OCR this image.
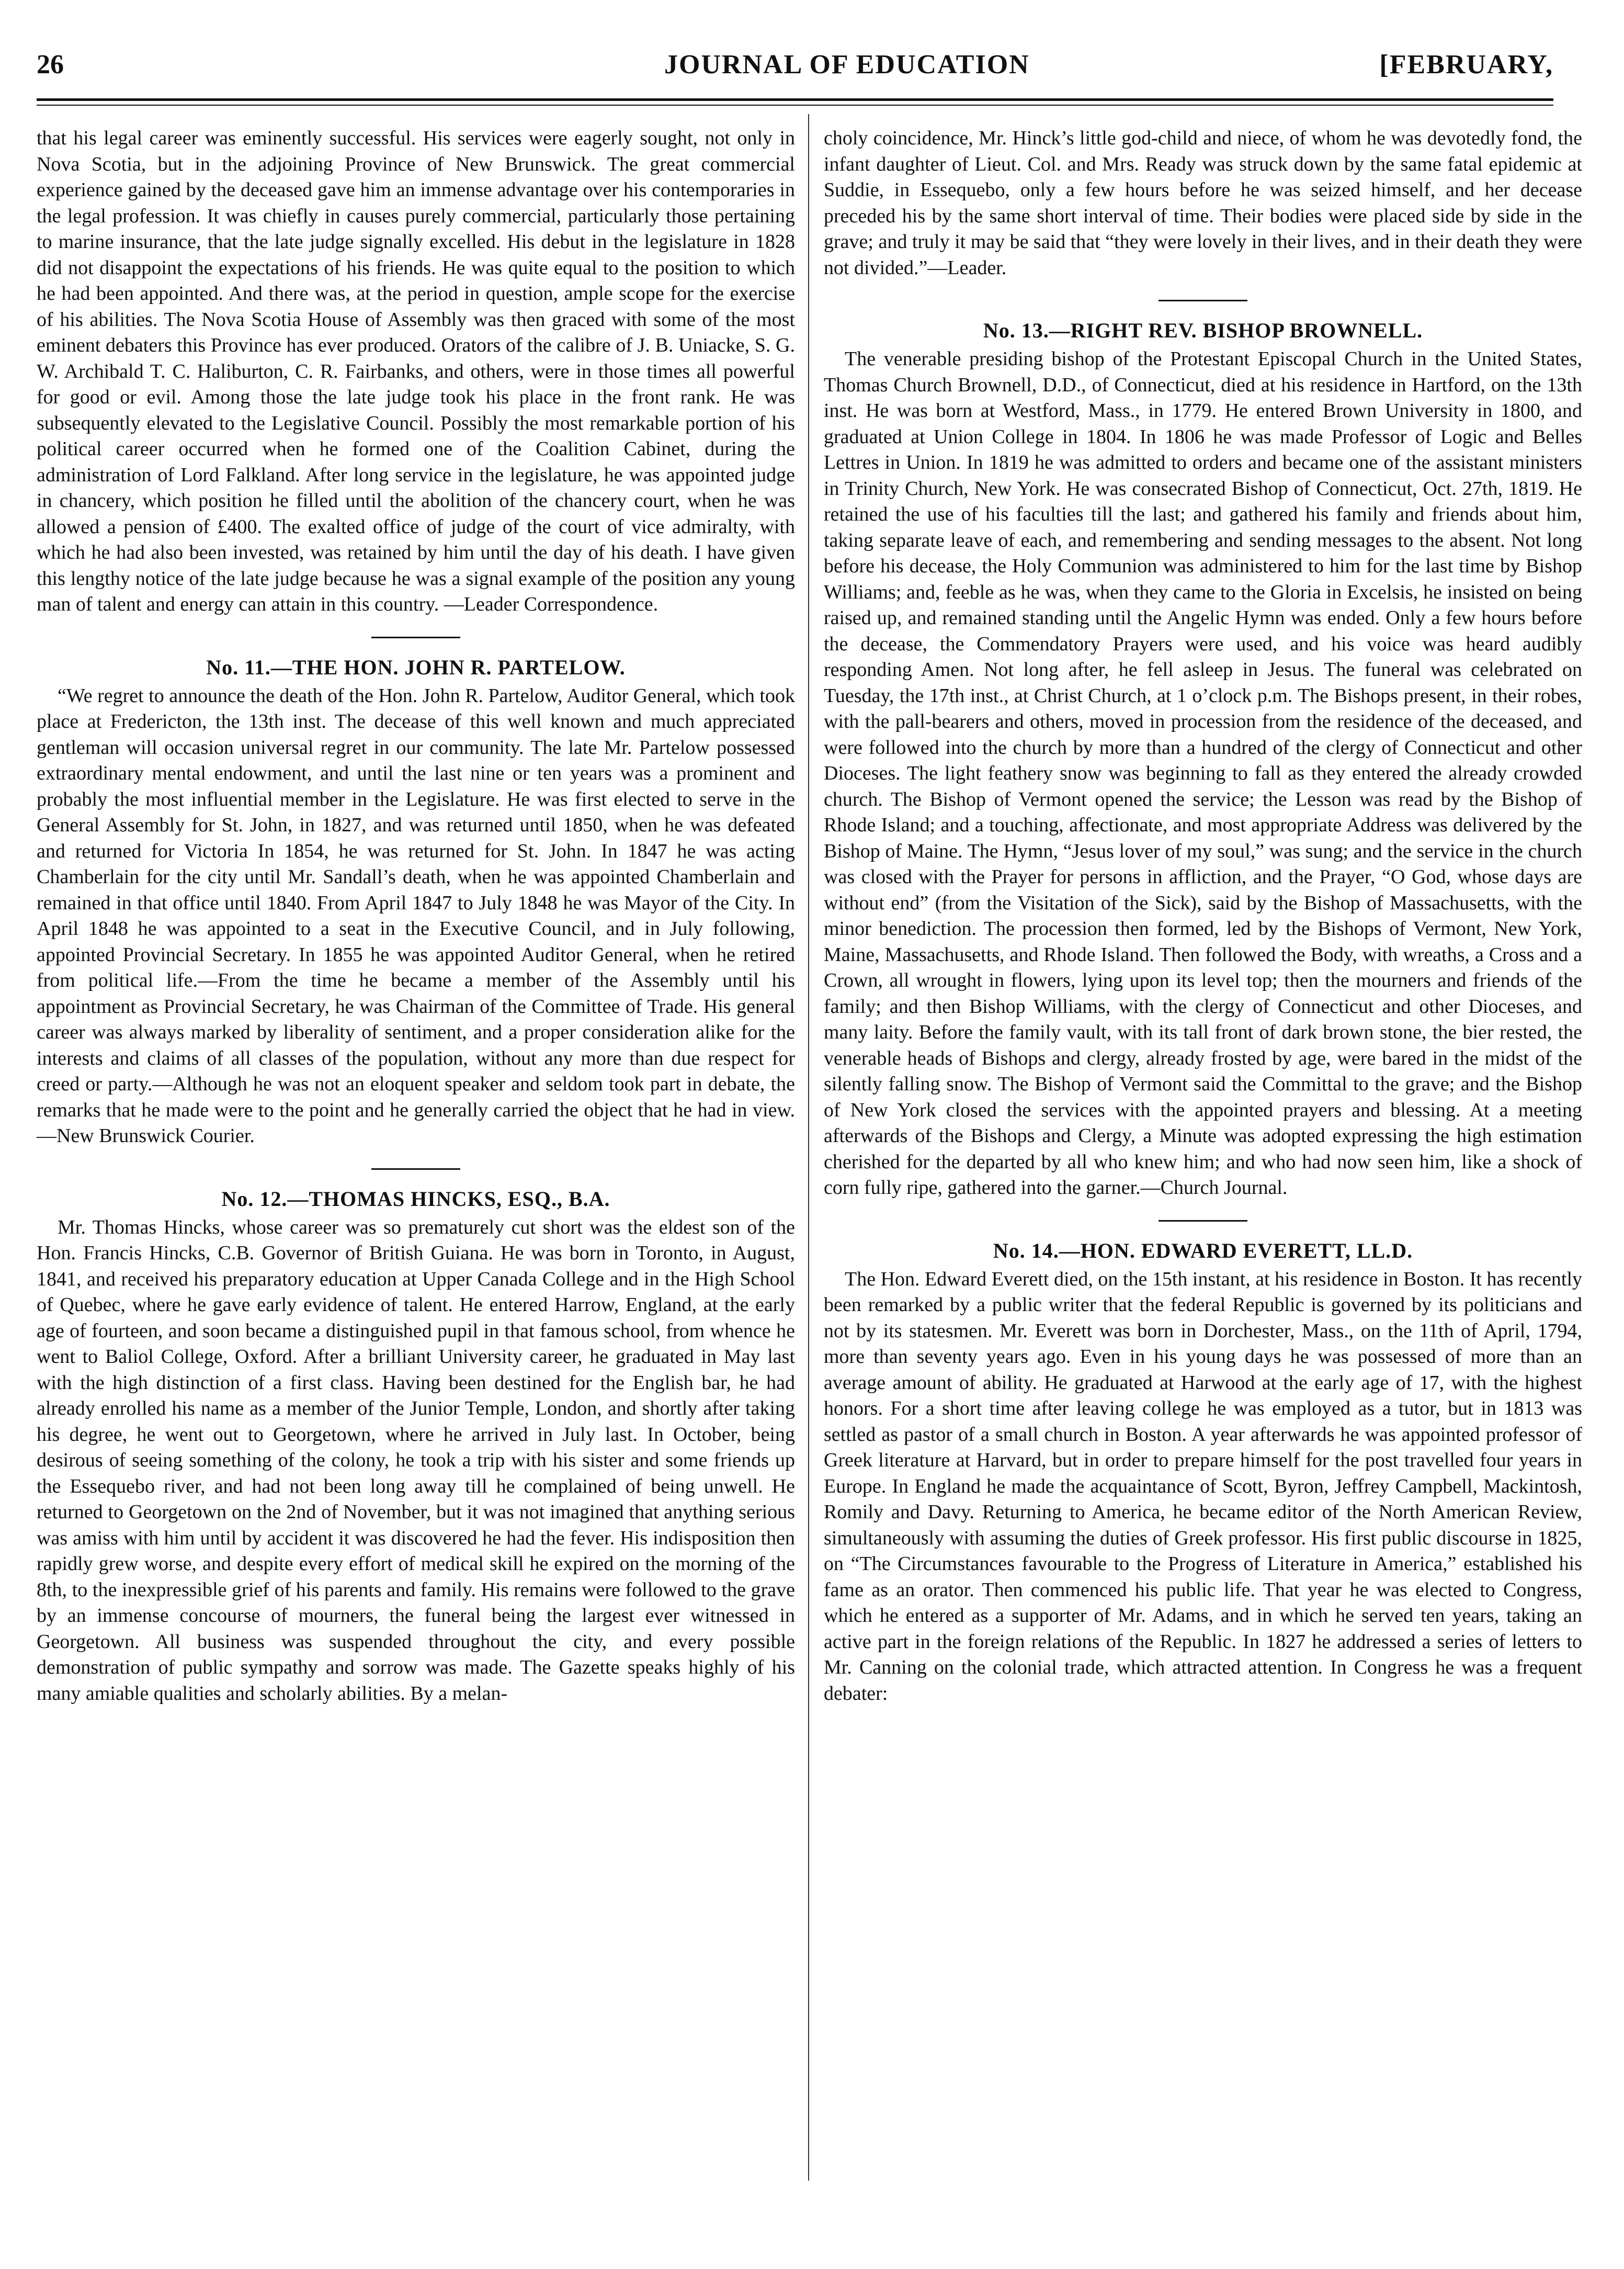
26	JOURNAL OF EDUCATION	[FEBRUARY,

that his legal career was eminently successful. His services were eagerly sought, not only in Nova Scotia, but in the adjoining Province of New Brunswick. The great commercial experience gained by the deceased gave him an immense advantage over his contemporaries in the legal profession. It was chiefly in causes purely commercial, particularly those pertaining to marine insurance, that the late judge signally excelled. His debut in the legislature in 1828 did not disappoint the expectations of his friends. He was quite equal to the position to which he had been appointed. And there was, at the period in question, ample scope for the exercise of his abilities. The Nova Scotia House of Assembly was then graced with some of the most eminent debaters this Province has ever produced. Orators of the calibre of J. B. Uniacke, S. G. W. Archibald T. C. Haliburton, C. R. Fairbanks, and others, were in those times all powerful for good or evil. Among those the late judge took his place in the front rank. He was subsequently elevated to the Legislative Council. Possibly the most remarkable portion of his political career occurred when he formed one of the Coalition Cabinet, during the administration of Lord Falkland. After long service in the legislature, he was appointed judge in chancery, which position he filled until the abolition of the chancery court, when he was allowed a pension of £400. The exalted office of judge of the court of vice admiralty, with which he had also been invested, was retained by him until the day of his death. I have given this lengthy notice of the late judge because he was a signal example of the position any young man of talent and energy can attain in this country. —Leader Correspondence.

No. 11.—THE HON. JOHN R. PARTELOW.

“We regret to announce the death of the Hon. John R. Partelow, Auditor General, which took place at Fredericton, the 13th inst. The decease of this well known and much appreciated gentleman will occasion universal regret in our community. The late Mr. Partelow possessed extraordinary mental endowment, and until the last nine or ten years was a prominent and probably the most influential member in the Legislature. He was first elected to serve in the General Assembly for St. John, in 1827, and was returned until 1850, when he was defeated and returned for Victoria In 1854, he was returned for St. John. In 1847 he was acting Chamberlain for the city until Mr. Sandall’s death, when he was appointed Chamberlain and remained in that office until 1840. From April 1847 to July 1848 he was Mayor of the City. In April 1848 he was appointed to a seat in the Executive Council, and in July following, appointed Provincial Secretary. In 1855 he was appointed Auditor General, when he retired from political life.—From the time he became a member of the Assembly until his appointment as Provincial Secretary, he was Chairman of the Committee of Trade. His general career was always marked by liberality of sentiment, and a proper consideration alike for the interests and claims of all classes of the population, without any more than due respect for creed or party.—Although he was not an eloquent speaker and seldom took part in debate, the remarks that he made were to the point and he generally carried the object that he had in view.—New Brunswick Courier.

No. 12.—THOMAS HINCKS, ESQ., B.A.

Mr. Thomas Hincks, whose career was so prematurely cut short was the eldest son of the Hon. Francis Hincks, C.B. Governor of British Guiana. He was born in Toronto, in August, 1841, and received his preparatory education at Upper Canada College and in the High School of Quebec, where he gave early evidence of talent. He entered Harrow, England, at the early age of fourteen, and soon became a distinguished pupil in that famous school, from whence he went to Baliol College, Oxford. After a brilliant University career, he graduated in May last with the high distinction of a first class. Having been destined for the English bar, he had already enrolled his name as a member of the Junior Temple, London, and shortly after taking his degree, he went out to Georgetown, where he arrived in July last. In October, being desirous of seeing something of the colony, he took a trip with his sister and some friends up the Essequebo river, and had not been long away till he complained of being unwell. He returned to Georgetown on the 2nd of November, but it was not imagined that anything serious was amiss with him until by accident it was discovered he had the fever. His indisposition then rapidly grew worse, and despite every effort of medical skill he expired on the morning of the 8th, to the inexpressible grief of his parents and family. His remains were followed to the grave by an immense concourse of mourners, the funeral being the largest ever witnessed in Georgetown. All business was suspended throughout the city, and every possible demonstration of public sympathy and sorrow was made. The Gazette speaks highly of his many amiable qualities and scholarly abilities. By a melan-

choly coincidence, Mr. Hinck’s little god-child and niece, of whom he was devotedly fond, the infant daughter of Lieut. Col. and Mrs. Ready was struck down by the same fatal epidemic at Suddie, in Essequebo, only a few hours before he was seized himself, and her decease preceded his by the same short interval of time. Their bodies were placed side by side in the grave; and truly it may be said that “they were lovely in their lives, and in their death they were not divided.”—Leader.

No. 13.—RIGHT REV. BISHOP BROWNELL.

The venerable presiding bishop of the Protestant Episcopal Church in the United States, Thomas Church Brownell, D.D., of Connecticut, died at his residence in Hartford, on the 13th inst. He was born at Westford, Mass., in 1779. He entered Brown University in 1800, and graduated at Union College in 1804. In 1806 he was made Professor of Logic and Belles Lettres in Union. In 1819 he was admitted to orders and became one of the assistant ministers in Trinity Church, New York. He was consecrated Bishop of Connecticut, Oct. 27th, 1819. He retained the use of his faculties till the last; and gathered his family and friends about him, taking separate leave of each, and remembering and sending messages to the absent. Not long before his decease, the Holy Communion was administered to him for the last time by Bishop Williams; and, feeble as he was, when they came to the Gloria in Excelsis, he insisted on being raised up, and remained standing until the Angelic Hymn was ended. Only a few hours before the decease, the Commendatory Prayers were used, and his voice was heard audibly responding Amen. Not long after, he fell asleep in Jesus. The funeral was celebrated on Tuesday, the 17th inst., at Christ Church, at 1 o’clock p.m. The Bishops present, in their robes, with the pall-bearers and others, moved in procession from the residence of the deceased, and were followed into the church by more than a hundred of the clergy of Connecticut and other Dioceses. The light feathery snow was beginning to fall as they entered the already crowded church. The Bishop of Vermont opened the service; the Lesson was read by the Bishop of Rhode Island; and a touching, affectionate, and most appropriate Address was delivered by the Bishop of Maine. The Hymn, “Jesus lover of my soul,” was sung; and the service in the church was closed with the Prayer for persons in affliction, and the Prayer, “O God, whose days are without end” (from the Visitation of the Sick), said by the Bishop of Massachusetts, with the minor benediction. The procession then formed, led by the Bishops of Vermont, New York, Maine, Massachusetts, and Rhode Island. Then followed the Body, with wreaths, a Cross and a Crown, all wrought in flowers, lying upon its level top; then the mourners and friends of the family; and then Bishop Williams, with the clergy of Connecticut and other Dioceses, and many laity. Before the family vault, with its tall front of dark brown stone, the bier rested, the venerable heads of Bishops and clergy, already frosted by age, were bared in the midst of the silently falling snow. The Bishop of Vermont said the Committal to the grave; and the Bishop of New York closed the services with the appointed prayers and blessing. At a meeting afterwards of the Bishops and Clergy, a Minute was adopted expressing the high estimation cherished for the departed by all who knew him; and who had now seen him, like a shock of corn fully ripe, gathered into the garner.—Church Journal.

No. 14.—HON. EDWARD EVERETT, LL.D.

The Hon. Edward Everett died, on the 15th instant, at his residence in Boston. It has recently been remarked by a public writer that the federal Republic is governed by its politicians and not by its statesmen. Mr. Everett was born in Dorchester, Mass., on the 11th of April, 1794, more than seventy years ago. Even in his young days he was possessed of more than an average amount of ability. He graduated at Harwood at the early age of 17, with the highest honors. For a short time after leaving college he was employed as a tutor, but in 1813 was settled as pastor of a small church in Boston. A year afterwards he was appointed professor of Greek literature at Harvard, but in order to prepare himself for the post travelled four years in Europe. In England he made the acquaintance of Scott, Byron, Jeffrey Campbell, Mackintosh, Romily and Davy. Returning to America, he became editor of the North American Review, simultaneously with assuming the duties of Greek professor. His first public discourse in 1825, on “The Circumstances favourable to the Progress of Literature in America,” established his fame as an orator. Then commenced his public life. That year he was elected to Congress, which he entered as a supporter of Mr. Adams, and in which he served ten years, taking an active part in the foreign relations of the Republic. In 1827 he addressed a series of letters to Mr. Canning on the colonial trade, which attracted attention. In Congress he was a frequent debater:
